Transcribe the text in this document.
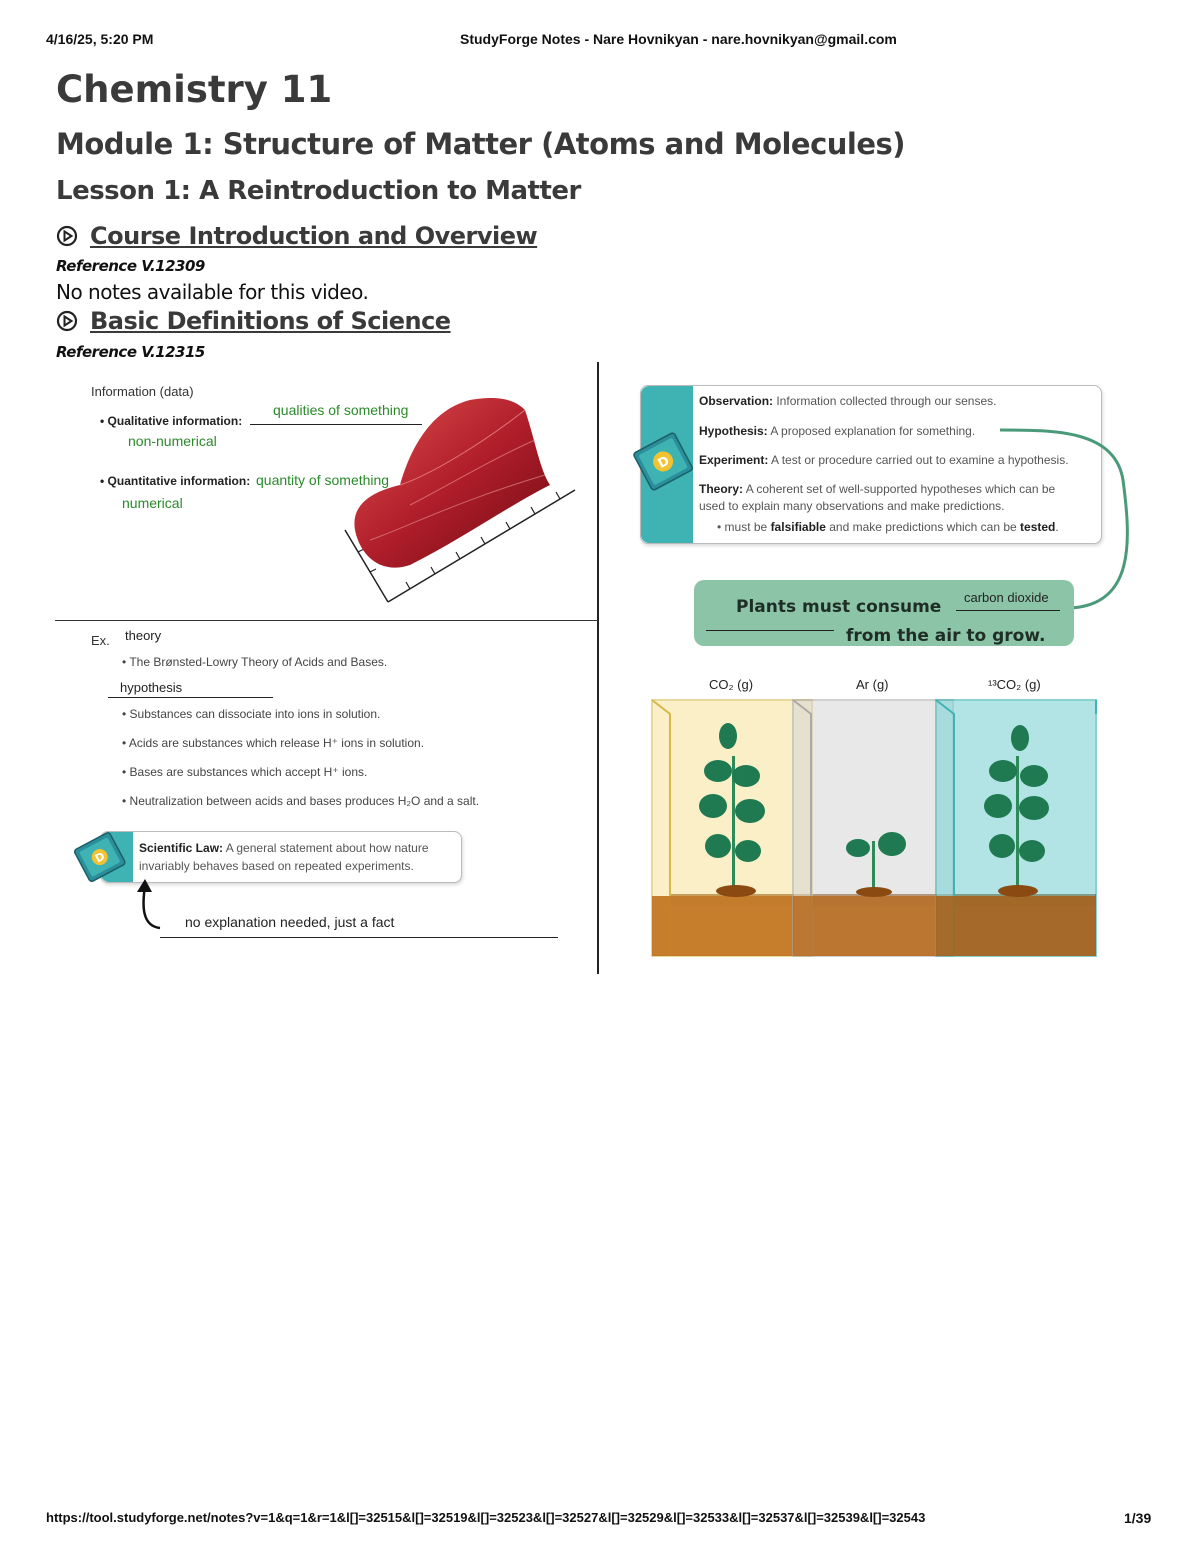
4/16/25, 5:20 PM	StudyForge Notes - Nare Hovnikyan - nare.hovnikyan@gmail.com
Chemistry 11
Module 1: Structure of Matter (Atoms and Molecules)
Lesson 1: A Reintroduction to Matter
Course Introduction and Overview
Reference V.12309
No notes available for this video.
Basic Definitions of Science
Reference V.12315
Information (data)
• Qualitative information:
qualities of something
non-numerical
• Quantitative information: quantity of something
numerical
Ex. theory
• The Brønsted-Lowry Theory of Acids and Bases.
hypothesis
• Substances can dissociate into ions in solution.
• Acids are substances which release H⁺ ions in solution.
• Bases are substances which accept H⁺ ions.
• Neutralization between acids and bases produces H₂O and a salt.
Scientific Law: A general statement about how nature
invariably behaves based on repeated experiments.
D
no explanation needed, just a fact
Observation: Information collected through our senses.
Hypothesis: A proposed explanation for something.
Experiment: A test or procedure carried out to examine a hypothesis.
Theory: A coherent set of well-supported hypotheses which can be
used to explain many observations and make predictions.
• must be falsifiable and make predictions which can be tested.
D
Plants must consume carbon dioxide
from the air to grow.
CO₂ (g)	Ar (g)	¹³CO₂ (g)
https://tool.studyforge.net/notes?v=1&q=1&r=1&l[]=32515&l[]=32519&l[]=32523&l[]=32527&l[]=32529&l[]=32533&l[]=32537&l[]=32539&l[]=32543	1/39
